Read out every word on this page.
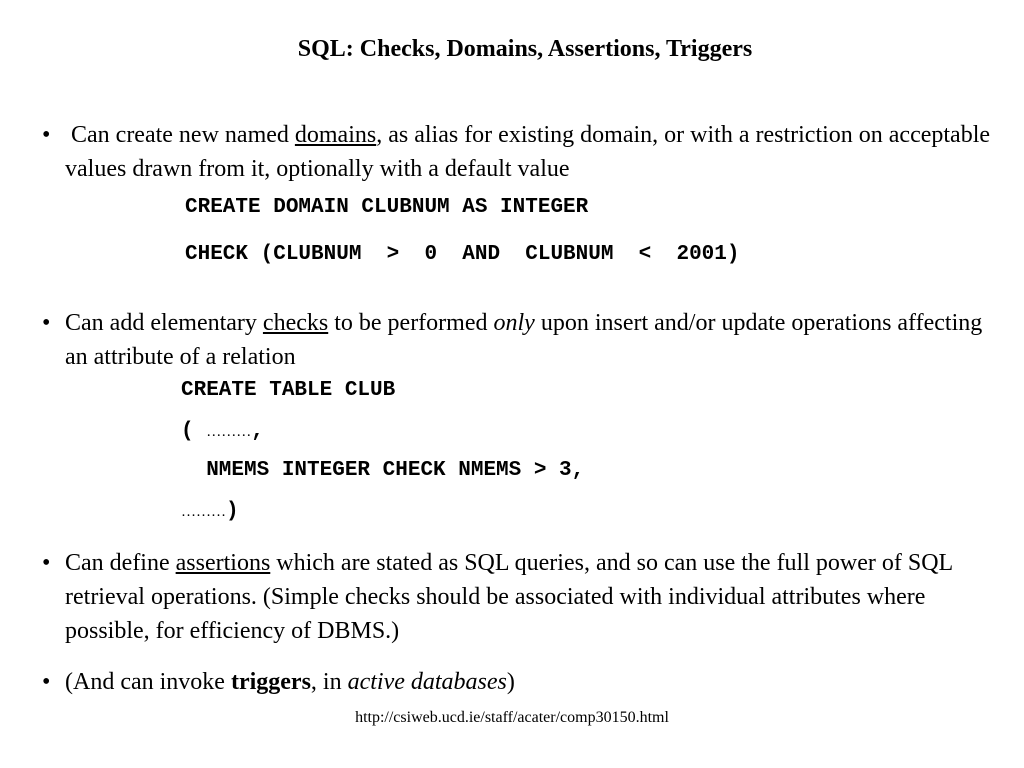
SQL: Checks, Domains, Assertions, Triggers
• Can create new named domains, as alias for existing domain, or with a restriction on acceptable values drawn from it, optionally with a default value
CREATE DOMAIN CLUBNUM AS INTEGER
CHECK (CLUBNUM  >  0  AND  CLUBNUM  <  2001)
• Can add elementary checks to be performed only upon insert and/or update operations affecting an attribute of a relation
CREATE TABLE CLUB
( ………,
NMEMS INTEGER CHECK NMEMS > 3,
………)
• Can define assertions which are stated as SQL queries, and so can use the full power of SQL retrieval operations. (Simple checks should be associated with individual attributes where possible, for efficiency of DBMS.)
• (And can invoke triggers, in active databases)
http://csiweb.ucd.ie/staff/acater/comp30150.html
